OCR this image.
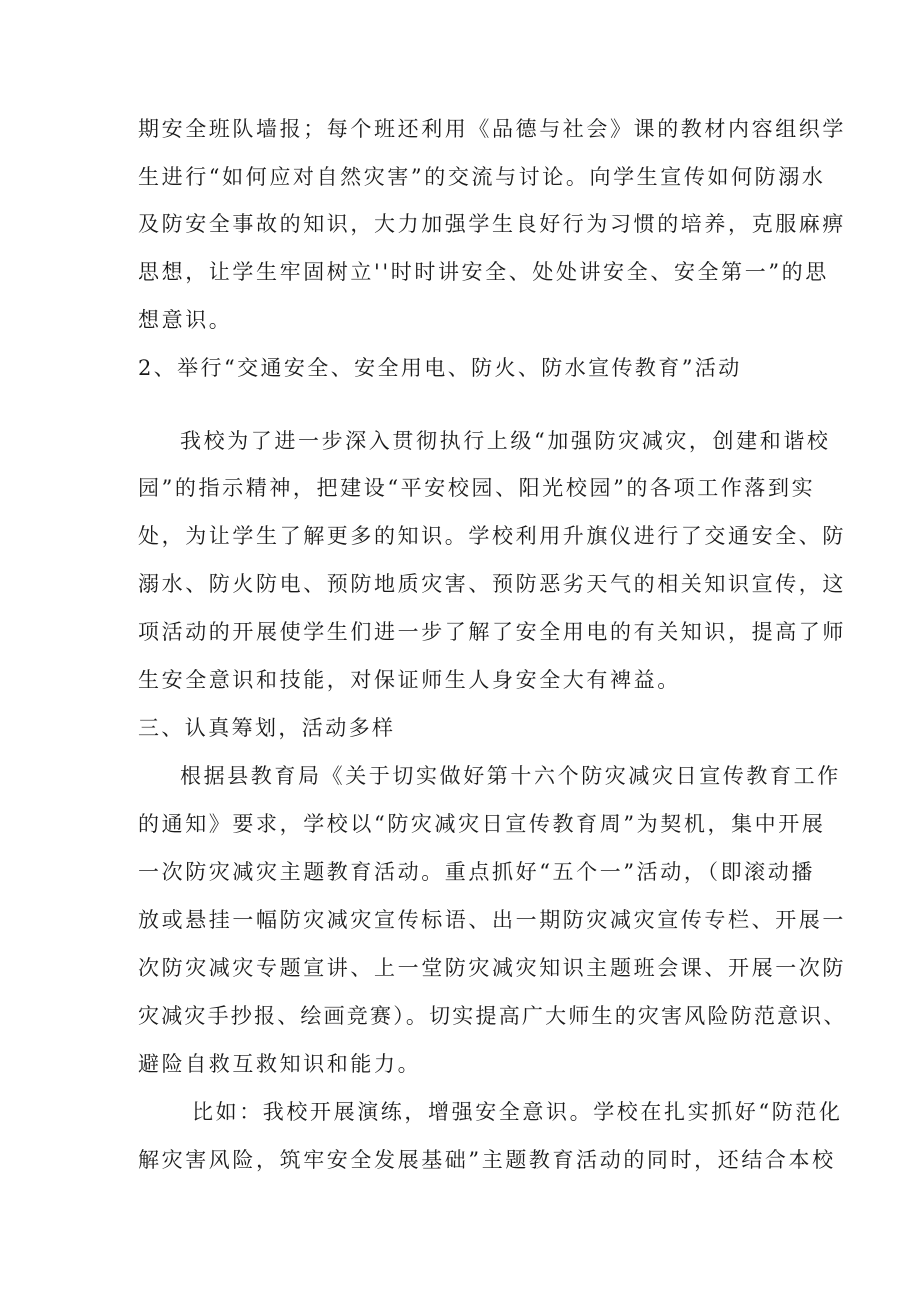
期安全班队墙报；每个班还利用《品德与社会》课的教材内容组织学
生进行“如何应对自然灾害”的交流与讨论。向学生宣传如何防溺水
及防安全事故的知识，大力加强学生良好行为习惯的培养，克服麻痹
思想，让学生牢固树立''时时讲安全、处处讲安全、安全第一”的思
想意识。
2、举行“交通安全、安全用电、防火、防水宣传教育”活动
我校为了进一步深入贯彻执行上级“加强防灾减灾，创建和谐校
园”的指示精神，把建设“平安校园、阳光校园”的各项工作落到实
处，为让学生了解更多的知识。学校利用升旗仪进行了交通安全、防
溺水、防火防电、预防地质灾害、预防恶劣天气的相关知识宣传，这
项活动的开展使学生们进一步了解了安全用电的有关知识，提高了师
生安全意识和技能，对保证师生人身安全大有裨益。
三、认真筹划，活动多样
根据县教育局《关于切实做好第十六个防灾减灾日宣传教育工作
的通知》要求，学校以“防灾减灾日宣传教育周”为契机，集中开展
一次防灾减灾主题教育活动。重点抓好“五个一”活动，（即滚动播
放或悬挂一幅防灾减灾宣传标语、出一期防灾减灾宣传专栏、开展一
次防灾减灾专题宣讲、上一堂防灾减灾知识主题班会课、开展一次防
灾减灾手抄报、绘画竞赛）。切实提高广大师生的灾害风险防范意识、
避险自救互救知识和能力。
比如：我校开展演练，增强安全意识。学校在扎实抓好“防范化
解灾害风险，筑牢安全发展基础”主题教育活动的同时，还结合本校
